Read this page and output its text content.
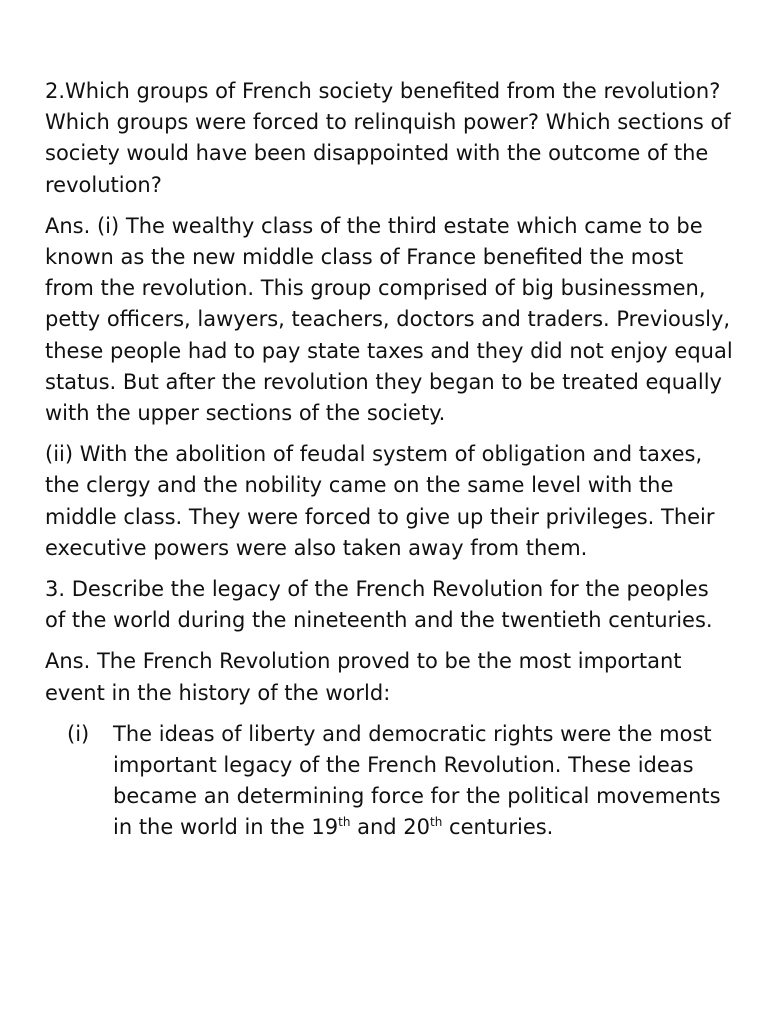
2.Which groups of French society benefited from the revolution? Which groups were forced to relinquish power? Which sections of society would have been disappointed with the outcome of the revolution?

Ans. (i) The wealthy class of the third estate which came to be known as the new middle class of France benefited the most from the revolution. This group comprised of big businessmen, petty officers, lawyers, teachers, doctors and traders. Previously, these people had to pay state taxes and they did not enjoy equal status. But after the revolution they began to be treated equally with the upper sections of the society.

(ii) With the abolition of feudal system of obligation and taxes, the clergy and the nobility came on the same level with the middle class. They were forced to give up their privileges. Their executive powers were also taken away from them.

3. Describe the legacy of the French Revolution for the peoples of the world during the nineteenth and the twentieth centuries.

Ans. The French Revolution proved to be the most important event in the history of the world:

(i)	The ideas of liberty and democratic rights were the most important legacy of the French Revolution. These ideas became an determining force for the political movements in the world in the 19th and 20th centuries.
